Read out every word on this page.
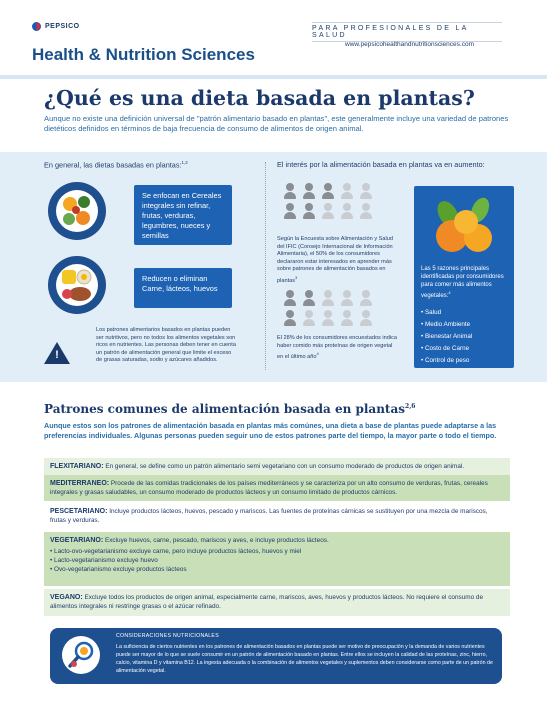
PEPSICO
Health & Nutrition Sciences
PARA PROFESIONALES DE LA SALUD
www.pepsicohealthandnutritionsciences.com
¿Qué es una dieta basada en plantas?
Aunque no existe una definición universal de "patrón alimentario basado en plantas", este generalmente incluye una variedad de patrones dietéticos definidos en términos de baja frecuencia de consumo de alimentos de origen animal.
En general, las dietas basadas en plantas:$^{1,2}$
Se enfocan en Cereales integrales sin refinar, frutas, verduras, legumbres, nueces y semillas
Reducen o eliminan Carne, lácteos, huevos
Los patrones alimentarios basados en plantas pueden ser nutritivos, pero no todos los alimentos vegetales son ricos en nutrientes. Las personas deben tener en cuenta un patrón de alimentación general que limite el exceso de grasas saturadas, sodio y azúcares añadidos.
!
El interés por la alimentación basada en plantas va en aumento:
Según la Encuesta sobre Alimentación y Salud del IFIC (Consejo Internacional de Información Alimentaria), el 50% de los consumidores declararon estar interesados en aprender más sobre patrones de alimentación basados en plantas$^3$
El 28% de los consumidores encuestados indica haber comido más proteínas de origen vegetal en el último año$^4$
Las 5 razones principales identificadas por consumidores para comer más alimentos vegetales:$^4$
• Salud
• Medio Ambiente
• Bienestar Animal
• Costo de Carne
• Control de peso
Patrones comunes de alimentación basada en plantas$^{2,6}$
Aunque estos son los patrones de alimentación basada en plantas más comúnes, una dieta a base de plantas puede adaptarse a las preferencias individuales. Algunas personas pueden seguir uno de estos patrones parte del tiempo, la mayor parte o todo el tiempo.
FLEXITARIANO: En general, se define como un patrón alimentario semi vegetariano con un consumo moderado de productos de origen animal.
MEDITERRANEO: Procede de las comidas tradicionales de los países mediterráneos y se caracteriza por un alto consumo de verduras, frutas, cereales integrales y grasas saludables, un consumo moderado de productos lácteos y un consumo limitado de productos cárnicos.
PESCETARIANO: Incluye productos lácteos, huevos, pescado y mariscos. Las fuentes de proteínas cárnicas se sustituyen por una mezcla de mariscos, frutas y verduras.
VEGETARIANO: Excluye huevos, carne, pescado, mariscos y aves, e incluye productos lácteos.
• Lacto-ovo-vegetarianismo excluye carne, pero incluye productos lácteos, huevos y miel
• Lacto-vegetarianismo excluye huevo
• Ovo-vegetarianismo excluye productos lácteos
VEGANO: Excluye todos los productos de origen animal, especialmente carne, mariscos, aves, huevos y productos lácteos. No requiere el consumo de alimentos integrales ni restringe grasas o el azúcar refinado.
CONSIDERACIONES NUTRICIONALES
La suficiencia de ciertos nutrientes en los patrones de alimentación basados en plantas puede ser motivo de preocupación y la demanda de varios nutrientes puede ser mayor de lo que se suele consumir en un patrón de alimentación basado en plantas. Entre ellos se incluyen la calidad de las proteínas, zinc, hierro, calcio, vitamina D y vitamina B12. La ingesta adecuada o la combinación de alimentos vegetales y suplementos deben considerarse como parte de un patrón de alimentación vegetal.
